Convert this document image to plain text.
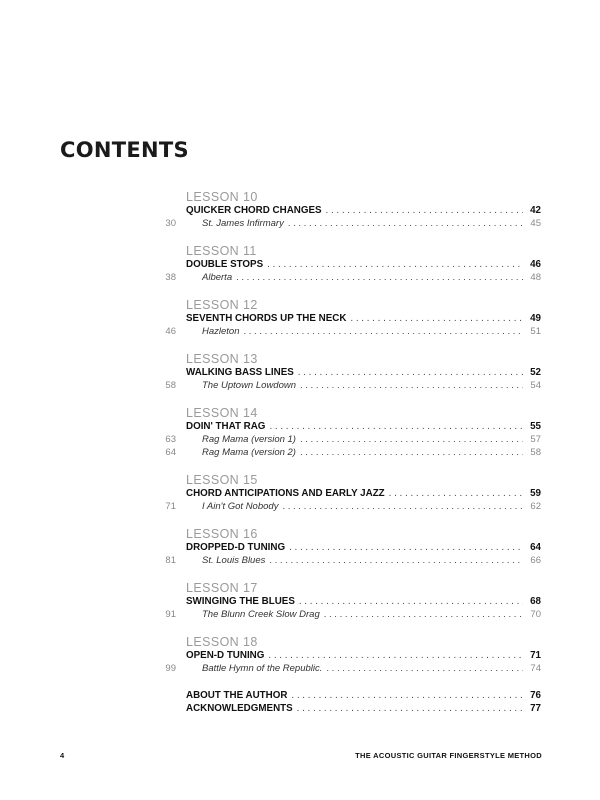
CONTENTS
LESSON 10
QUICKER CHORD CHANGES . . .	42
30	St. James Infirmary . . .	45
LESSON 11
DOUBLE STOPS . . .	46
38	Alberta . . .	48
LESSON 12
SEVENTH CHORDS UP THE NECK . . .	49
46	Hazleton . . .	51
LESSON 13
WALKING BASS LINES . . .	52
58	The Uptown Lowdown . . .	54
LESSON 14
DOIN' THAT RAG . . .	55
63	Rag Mama (version 1) . . .	57
64	Rag Mama (version 2) . . .	58
LESSON 15
CHORD ANTICIPATIONS AND EARLY JAZZ . . .	59
71	I Ain't Got Nobody . . .	62
LESSON 16
DROPPED-D TUNING . . .	64
81	St. Louis Blues . . .	66
LESSON 17
SWINGING THE BLUES . . .	68
91	The Blunn Creek Slow Drag . . .	70
LESSON 18
OPEN-D TUNING . . .	71
99	Battle Hymn of the Republic. . . .	74
ABOUT THE AUTHOR . . .	76
ACKNOWLEDGMENTS . . .	77
4	THE ACOUSTIC GUITAR FINGERSTYLE METHOD
